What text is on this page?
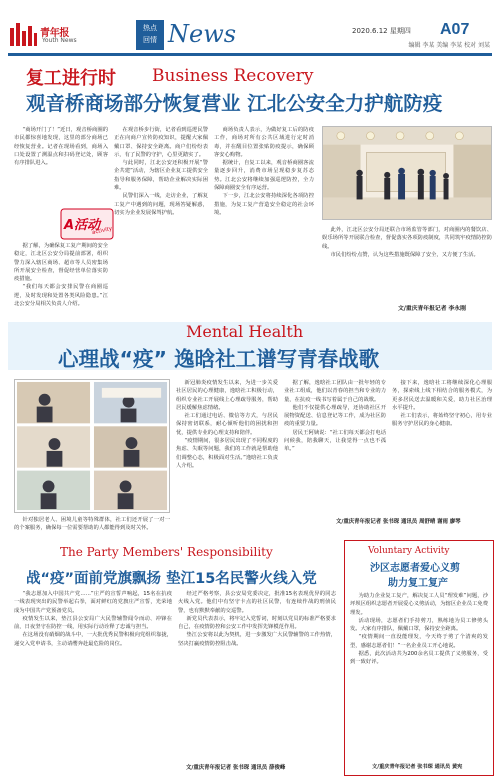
青年报
Youth News
热点
回情 News	2020.6.12 星期四 A07
编辑 李某 美编 李某 校对 刘某
复工进行时 Business Recovery
观音桥商场部分恢复营业 江北公安全力护航防疫

“商场开门了！”近日，观音桥商圈的市民都惊喜地发现，这里的部分商场已经恢复营业。记者在现场看到，商场入口处设置了测温点和扫码登记处，顾客有序排队进入。

A活动
activity

据了解，为确保复工复产期间的安全稳定，江北区公安分局提前部署，组织警力深入辖区商场、超市等人员密集场所开展安全检查，督促经营单位落实防疫措施。

“我们每天都会安排民警在商圈巡逻，及时发现和处置各类风险隐患。”江北公安分局相关负责人介绍。

在观音桥步行街，记者看到巡逻民警正在向商户宣传防疫知识，提醒大家佩戴口罩、保持安全距离。商户们纷纷表示，有了民警的守护，心里更踏实了。

与此同时，江北公安还积极开展“警企共建”活动，为辖区企业复工提供安全指导和服务保障，帮助企业解决实际困难。

民警们深入一线，走访企业，了解复工复产中遇到的问题，现场答疑解惑，切实为企业发展保驾护航。

商场负责人表示，为做好复工后的防疫工作，商场对所有公共区域进行定时消毒，并在醒目位置张贴防疫提示，确保顾客安心购物。

据统计，自复工以来，观音桥商圈客流量逐步回升，消费市场呈现稳步复苏态势。江北公安将继续加强巡逻防控，全力保障商圈安全有序运营。

下一步，江北公安将持续深化各项防控措施，为复工复产营造安全稳定的社会环境。

此外，江北区公安分局还联合市场监管等部门，对商圈内的餐饮店、娱乐场所等开展联合检查，督促落实各项防疫制度，共同筑牢疫情防控防线。

市民们纷纷点赞，认为这些措施既保障了安全，又方便了生活。

文/重庆青年报记者 李永刚
Mental Health
心理战“疫” 逸晗社工谱写青春战歌

针对独居老人、困境儿童等特殊群体，社工们还开展了一对一的个案服务，确保每一位需要帮助的人都能得到及时关怀。

新冠肺炎疫情发生以来，为进一步关爱社区居民的心理健康，逸晗社工积极行动，组织专业社工开展线上心理疏导服务，帮助居民缓解焦虑情绪。

社工们通过电话、微信等方式，与居民保持密切联系，耐心倾听他们的困扰和担忧，提供专业的心理支持和陪伴。

“疫情期间，很多居民出现了不同程度的焦虑、失眠等问题，我们的工作就是帮助他们调整心态，积极面对生活。”逸晗社工负责人介绍。

据了解，逸晗社工团队由一批年轻的专业社工组成，他们以青春的担当和专业的力量，在抗疫一线书写着属于自己的战歌。

他们不仅提供心理疏导，还协助社区开展物资配送、信息登记等工作，成为社区防疫的重要力量。

居民王阿姨说：“社工们每天都会打电话问候我，陪我聊天，让我觉得一点也不孤单。”

接下来，逸晗社工将继续深化心理服务，探索线上线下相结合的服务模式，为更多居民送去温暖和关爱，助力社区治理水平提升。

社工们表示，将始终坚守初心，用专业服务守护居民的身心健康。

文/重庆青年报记者 张书琛 通讯员 周舒晴 谢雨 廖琴
The Party Members' Responsibility
战“疫”面前党旗飘扬 垫江15名民警火线入党

“我志愿加入中国共产党……”庄严的宣誓声响起，15名在抗疫一线表现突出的民警举起右拳，面对鲜红的党旗庄严宣誓，光荣地成为中国共产党预备党员。

疫情发生以来，垫江县公安局广大民警辅警闻令而动、冲锋在前，日夜坚守在防控一线，用实际行动诠释了忠诚与担当。

在这场没有硝烟的战斗中，一大批优秀民警积极向党组织靠拢，递交入党申请书，主动请缨奔赴最危险的岗位。

经过严格考察，县公安局党委决定，批准15名表现优异的同志火线入党。他们中有坚守卡点的社区民警，有连续作战的刑侦民警，也有默默奉献的交巡警。

新党员代表表示，将牢记入党誓词，时刻以党员的标准严格要求自己，在疫情防控和公安工作中发挥先锋模范作用。

垫江公安将以此为契机，进一步激发广大民警辅警的工作热情，坚决打赢疫情防控阻击战。

文/重庆青年报记者 张书琛 通讯员 薛俊峰
Voluntary Activity
沙区志愿者爱心义剪
助力复工复产

为助力企业复工复产，解决复工人员“理发难”问题，沙坪坝区组织志愿者开展爱心义剪活动，为辖区企业员工免费理发。

活动现场，志愿者们手持剪刀，熟练地为员工修剪头发。大家有序排队，佩戴口罩，保持安全距离。

“疫情期间一直没能理发，今天终于剪了个清爽的发型，感谢志愿者们！”一名企业员工开心地说。

据悉，此次活动共为200余名员工提供了义剪服务，受到一致好评。

文/重庆青年报记者 张书琛 通讯员 黄宪
